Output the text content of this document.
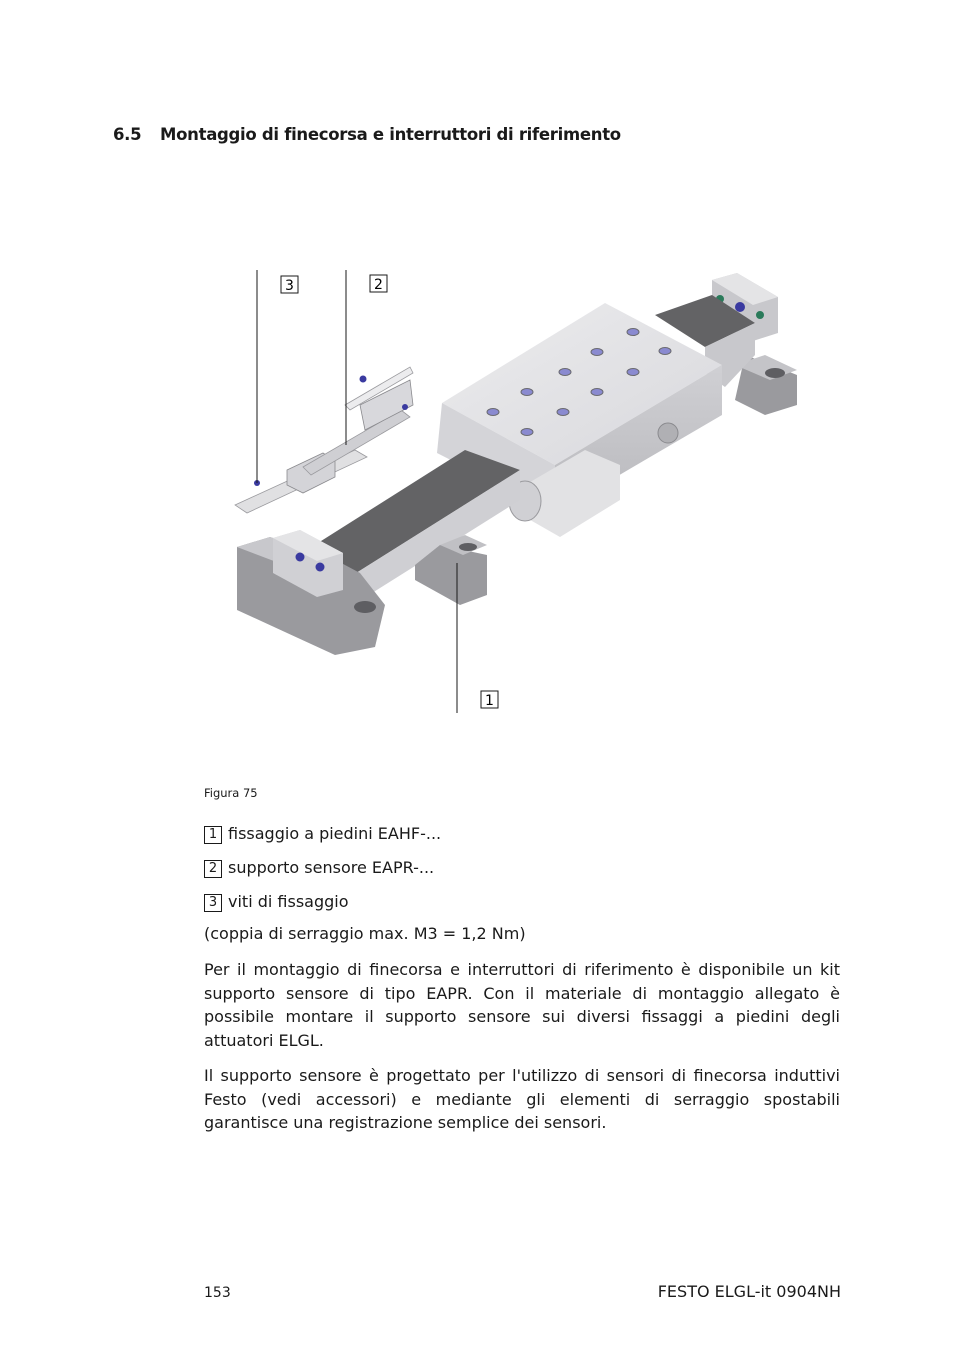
6.5 Montaggio di finecorsa e interruttori di riferimento
3	2
1

Figura 75

1 fissaggio a piedini EAHF-...
2 supporto sensore EAPR-...
3 viti di fissaggio

(coppia di serraggio max. M3 = 1,2 Nm)

Per il montaggio di finecorsa e interruttori di riferimento è disponibile un kit supporto sensore di tipo EAPR. Con il materiale di montaggio allegato è possibile montare il supporto sensore sui diversi fissaggi a piedini degli attuatori ELGL.

Il supporto sensore è progettato per l'utilizzo di sensori di finecorsa induttivi Festo (vedi accessori) e mediante gli elementi di serraggio spostabili garantisce una registrazione semplice dei sensori.

153	FESTO ELGL-it 0904NH
